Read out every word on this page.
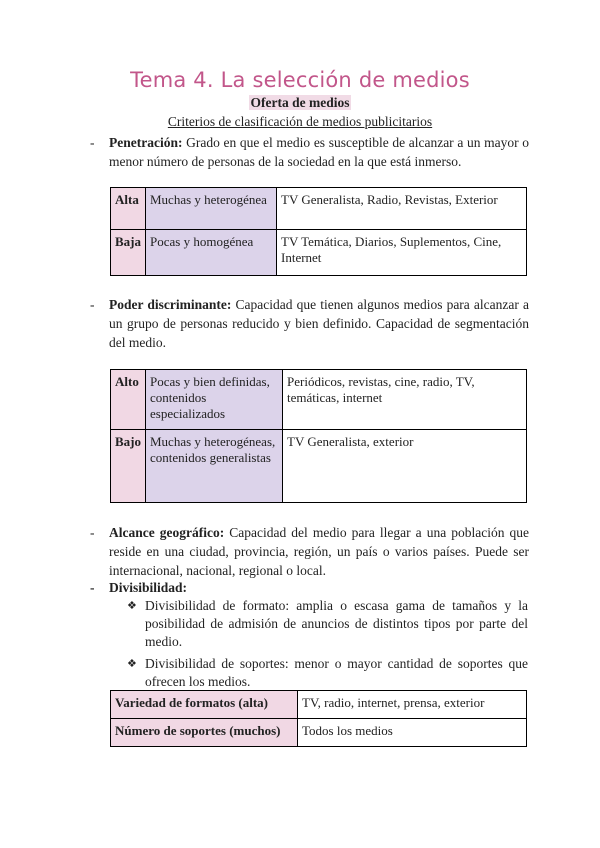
Tema 4. La selección de medios
Oferta de medios
Criterios de clasificación de medios publicitarios
- Penetración: Grado en que el medio es susceptible de alcanzar a un mayor o menor número de personas de la sociedad en la que está inmerso.
Alta	Muchas y heterogénea	TV Generalista, Radio, Revistas, Exterior
Baja	Pocas y homogénea	TV Temática, Diarios, Suplementos, Cine, Internet
- Poder discriminante: Capacidad que tienen algunos medios para alcanzar a un grupo de personas reducido y bien definido. Capacidad de segmentación del medio.
Alto	Pocas y bien definidas, contenidos especializados	Periódicos, revistas, cine, radio, TV, temáticas, internet
Bajo	Muchas y heterogéneas, contenidos generalistas	TV Generalista, exterior
- Alcance geográfico: Capacidad del medio para llegar a una población que reside en una ciudad, provincia, región, un país o varios países. Puede ser internacional, nacional, regional o local.
- Divisibilidad:
❖ Divisibilidad de formato: amplia o escasa gama de tamaños y la posibilidad de admisión de anuncios de distintos tipos por parte del medio.
❖ Divisibilidad de soportes: menor o mayor cantidad de soportes que ofrecen los medios.
Variedad de formatos (alta)	TV, radio, internet, prensa, exterior
Número de soportes (muchos)	Todos los medios
